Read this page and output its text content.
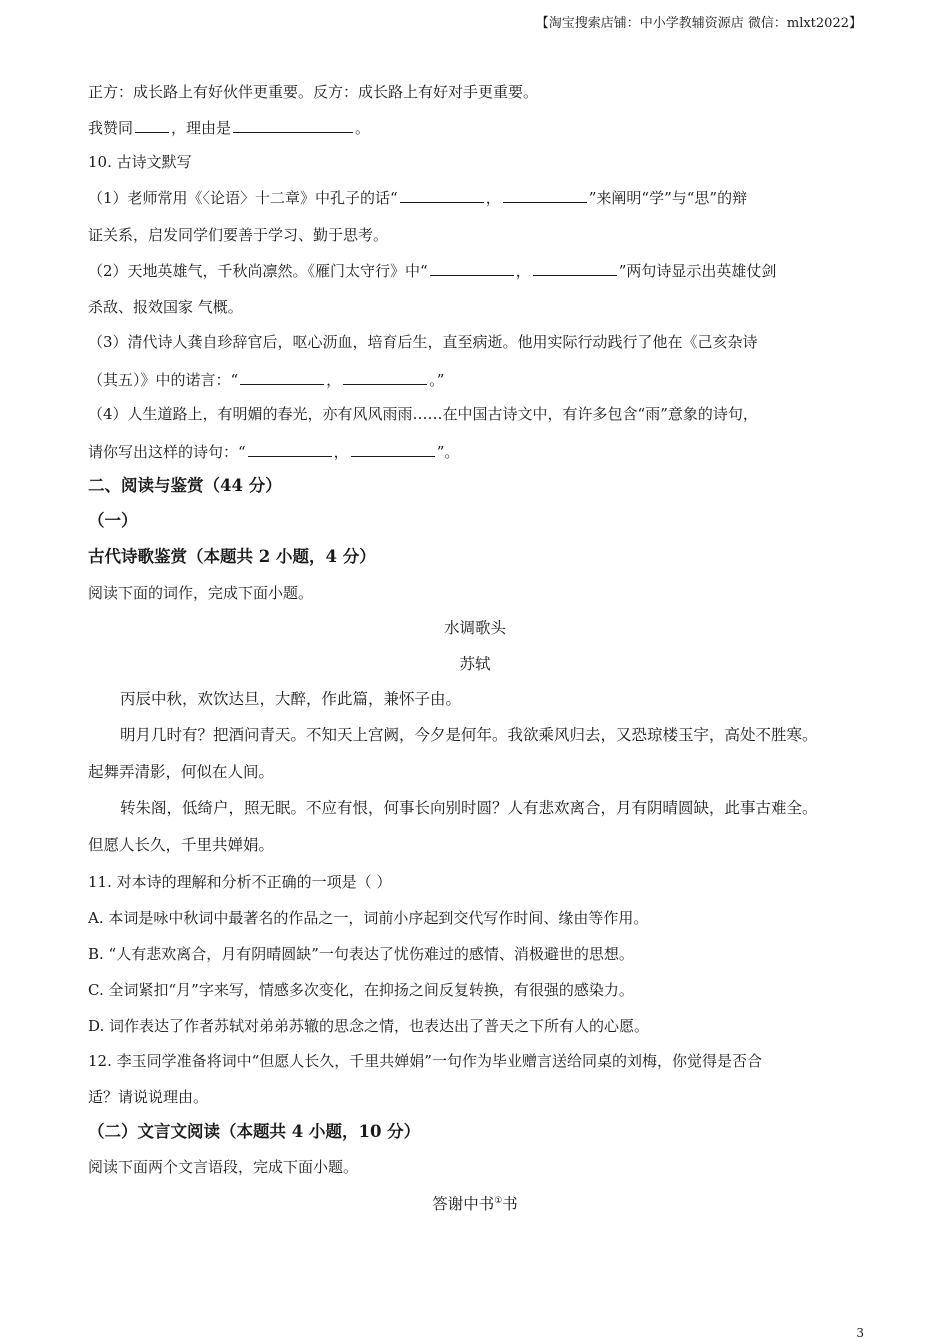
【淘宝搜索店铺：中小学教辅资源店 微信：mlxt2022】
正方：成长路上有好伙伴更重要。反方：成长路上有好对手更重要。
我赞同	，理由是	。
10. 古诗文默写
（1）老师常用《〈论语〉十二章》中孔子的话“	，	”来阐明“学”与“思”的辩
证关系，启发同学们要善于学习、勤于思考。
（2）天地英雄气，千秋尚凛然。《雁门太守行》中“	，	”两句诗显示出英雄仗剑
杀敌、报效国家 气概。
（3）清代诗人龚自珍辞官后，呕心沥血，培育后生，直至病逝。他用实际行动践行了他在《己亥杂诗
（其五）》中的诺言：“	，	。”
（4）人生道路上，有明媚的春光，亦有风风雨雨……在中国古诗文中，有许多包含“雨”意象的诗句，
请你写出这样的诗句：“	，	”。
二、阅读与鉴赏（44 分）
（一）
古代诗歌鉴赏（本题共 2 小题，4 分）
阅读下面的词作，完成下面小题。
水调歌头
苏轼
丙辰中秋，欢饮达旦，大醉，作此篇，兼怀子由。
明月几时有？把酒问青天。不知天上宫阙，今夕是何年。我欲乘风归去，又恐琼楼玉宇，高处不胜寒。
起舞弄清影，何似在人间。
转朱阁，低绮户，照无眠。不应有恨，何事长向别时圆？人有悲欢离合，月有阴晴圆缺，此事古难全。
但愿人长久，千里共婵娟。
11. 对本诗的理解和分析不正确的一项是（ ）
A. 本词是咏中秋词中最著名的作品之一，词前小序起到交代写作时间、缘由等作用。
B. “人有悲欢离合，月有阴晴圆缺”一句表达了忧伤难过的感情、消极避世的思想。
C. 全词紧扣“月”字来写，情感多次变化，在抑扬之间反复转换，有很强的感染力。
D. 词作表达了作者苏轼对弟弟苏辙的思念之情，也表达出了普天之下所有人的心愿。
12. 李玉同学准备将词中“但愿人长久，千里共婵娟”一句作为毕业赠言送给同桌的刘梅，你觉得是否合
适？请说说理由。
（二）文言文阅读（本题共 4 小题，10 分）
阅读下面两个文言语段，完成下面小题。
答谢中书①书
3
